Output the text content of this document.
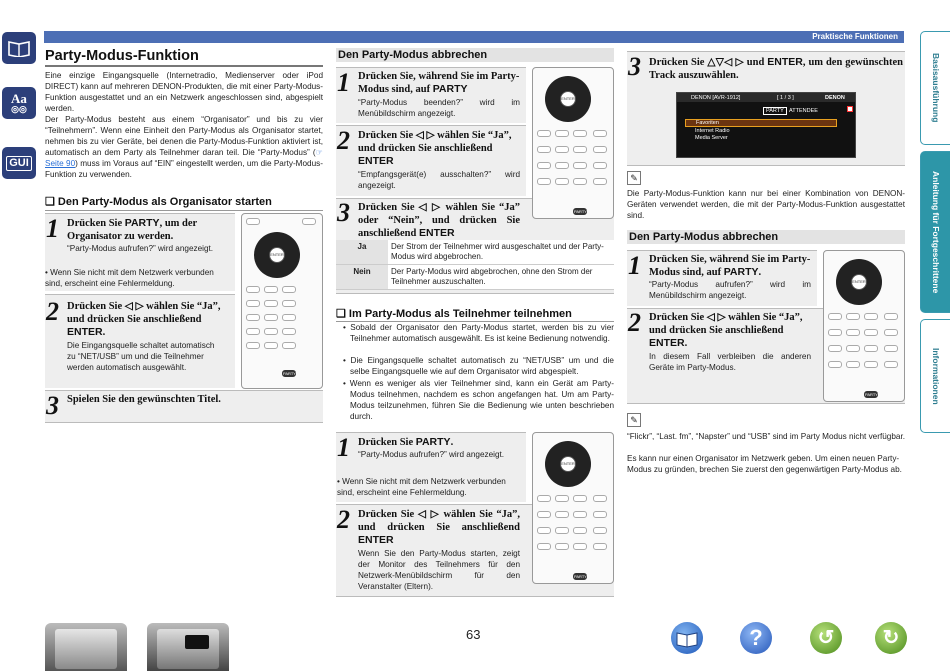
Aa
◎◎
GUI
Praktische Funktionen
Basisausführung
Anleitung für Fortgeschrittene
Informationen
Party-Modus-Funktion
Eine einzige Eingangsquelle (Internetradio, Medienserver oder iPod DIRECT) kann auf mehreren DENON-Produkten, die mit einer Party-Modus-Funktion ausgestattet und an ein Netzwerk angeschlossen sind, abgespielt werden.
Der Party-Modus besteht aus einem “Organisator” und bis zu vier “Teilnehmern”. Wenn eine Einheit den Party-Modus als Organisator startet, nehmen bis zu vier Geräte, bei denen die Party-Modus-Funktion aktiviert ist, automatisch an dem Party als Teilnehmer daran teil. Die “Party-Modus” (☞Seite 90) muss im Voraus auf “EIN” eingestellt werden, um die Party-Modus-Funktion zu verwenden.
❑ Den Party-Modus als Organisator starten
1 Drücken Sie PARTY, um der Organisator zu werden.
“Party-Modus aufrufen?” wird angezeigt.
• Wenn Sie nicht mit dem Netzwerk verbunden sind, erscheint eine Fehlermeldung.
2 Drücken Sie ◁ ▷ wählen Sie “Ja”, und drücken Sie anschließend ENTER.
Die Eingangsquelle schaltet automatisch zu “NET/USB” um und die Teilnehmer werden automatisch ausgewählt.
3 Spielen Sie den gewünschten Titel.
ENTER
PARTY
Den Party-Modus abbrechen
1 Drücken Sie, während Sie im Party-Modus sind, auf PARTY
“Party-Modus beenden?” wird im Menübildschirm angezeigt.
2 Drücken Sie ◁ ▷ wählen Sie “Ja”, und drücken Sie anschließend ENTER
“Empfangsgerät(e) ausschalten?” wird angezeigt.
3 Drücken Sie ◁ ▷ wählen Sie “Ja” oder “Nein”, und drücken Sie anschließend ENTER
Ja	Der Strom der Teilnehmer wird ausgeschaltet und der Party-Modus wird abgebrochen.
Nein	Der Party-Modus wird abgebrochen, ohne den Strom der Teilnehmer auszuschalten.
ENTER
PARTY
❑ Im Party-Modus als Teilnehmer teilnehmen
• Sobald der Organisator den Party-Modus startet, werden bis zu vier Teilnehmer automatisch ausgewählt. Es ist keine Bedienung notwendig.
• Die Eingangsquelle schaltet automatisch zu “NET/USB” um und die selbe Eingangsquelle wie auf dem Organisator wird abgespielt.
• Wenn es weniger als vier Teilnehmer sind, kann ein Gerät am Party-Modus teilnehmen, nachdem es schon angefangen hat. Um am Party-Modus teilzunehmen, führen Sie die Bedienung wie unten beschrieben durch.
1 Drücken Sie PARTY.
“Party-Modus aufrufen?” wird angezeigt.
• Wenn Sie nicht mit dem Netzwerk verbunden sind, erscheint eine Fehlermeldung.
2 Drücken Sie ◁ ▷ wählen Sie “Ja”, und drücken Sie anschließend ENTER
Wenn Sie den Party-Modus starten, zeigt der Monitor des Teilnehmers für den Netzwerk-Menübildschirm für den Veranstalter (Eltern).
ENTER
PARTY
3 Drücken Sie △▽◁ ▷ und ENTER, um den gewünschten Track auszuwählen.
DENON [AVR-1912]	[ 1 / 3 ]	DENON
PARTY ATTENDEE
Favoriten
Internet Radio
Media Server
✎
Die Party-Modus-Funktion kann nur bei einer Kombination von DENON-Geräten verwendet werden, die mit der Party-Modus-Funktion ausgestattet sind.
Den Party-Modus abbrechen
1 Drücken Sie, während Sie im Party-Modus sind, auf PARTY.
“Party-Modus aufrufen?” wird im Menübildschirm angezeigt.
2 Drücken Sie ◁ ▷ wählen Sie “Ja”, und drücken Sie anschließend ENTER.
In diesem Fall verbleiben die anderen Geräte im Party-Modus.
ENTER
PARTY
✎
“Flickr”, “Last. fm”, “Napster” und “USB” sind im Party Modus nicht verfügbar.
Es kann nur einen Organisator im Netzwerk geben. Um einen neuen Party-Modus zu gründen, brechen Sie zuerst den gegenwärtigen Party-Modus ab.
63	?	↺	↻
